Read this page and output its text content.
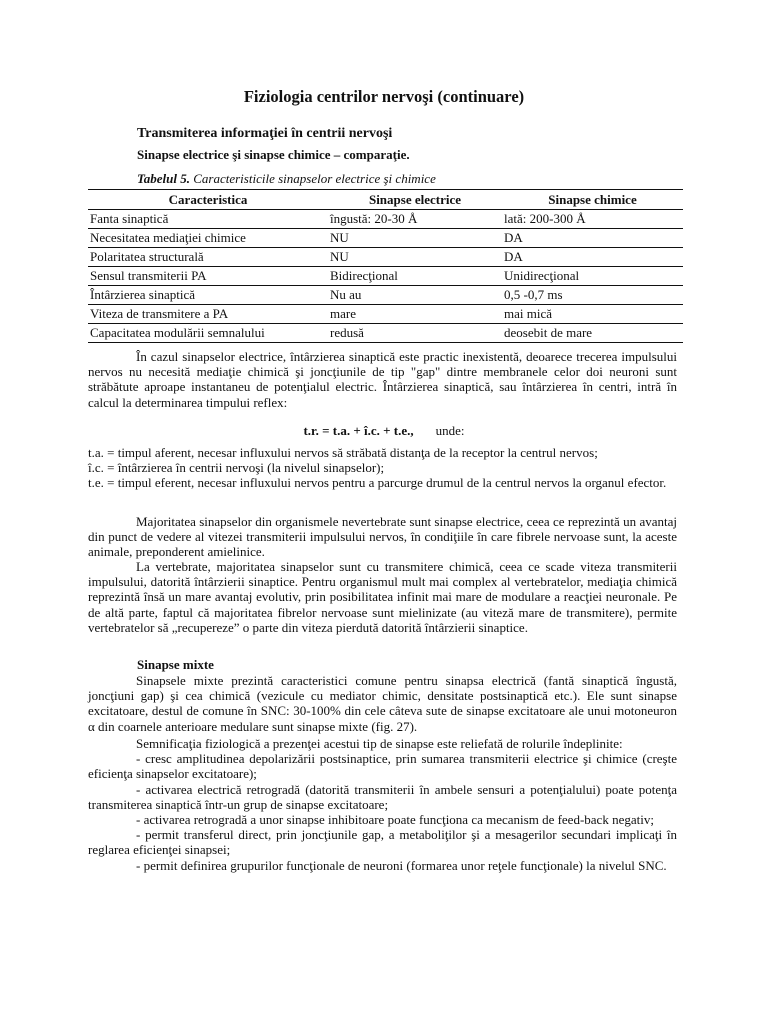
Fiziologia centrilor nervoşi (continuare)
Transmiterea informaţiei în centrii nervoşi
Sinapse electrice şi sinapse chimice – comparaţie.
Tabelul 5. Caracteristicile sinapselor electrice şi chimice
Caracteristica	Sinapse electrice	Sinapse chimice
Fanta sinaptică	îngustă: 20-30 Å	lată: 200-300 Å
Necesitatea mediaţiei chimice	NU	DA
Polaritatea structurală	NU	DA
Sensul transmiterii PA	Bidirecţional	Unidirecţional
Întârzierea sinaptică	Nu au	0,5 -0,7 ms
Viteza de transmitere a PA	mare	mai mică
Capacitatea modulării semnalului	redusă	deosebit de mare

În cazul sinapselor electrice, întârzierea sinaptică este practic inexistentă, deoarece trecerea impulsului nervos nu necesită mediaţie chimică şi joncţiunile de tip "gap" dintre membranele celor doi neuroni sunt străbătute aproape instantaneu de potenţialul electric. Întârzierea sinaptică, sau întârzierea în centri, intră în calcul la determinarea timpului reflex:

t.r. = t.a. + î.c. + t.e., unde:

t.a. = timpul aferent, necesar influxului nervos să străbată distanţa de la receptor la centrul nervos;

î.c. = întârzierea în centrii nervoşi (la nivelul sinapselor);

t.e. = timpul eferent, necesar influxului nervos pentru a parcurge drumul de la centrul nervos la organul efector.

Majoritatea sinapselor din organismele nevertebrate sunt sinapse electrice, ceea ce reprezintă un avantaj din punct de vedere al vitezei transmiterii impulsului nervos, în condiţiile în care fibrele nervoase sunt, la aceste animale, preponderent amielinice.

La vertebrate, majoritatea sinapselor sunt cu transmitere chimică, ceea ce scade viteza transmiterii impulsului, datorită întârzierii sinaptice. Pentru organismul mult mai complex al vertebratelor, mediaţia chimică reprezintă însă un mare avantaj evolutiv, prin posibilitatea infinit mai mare de modulare a reacţiei neuronale. Pe de altă parte, faptul că majoritatea fibrelor nervoase sunt mielinizate (au viteză mare de transmitere), permite vertebratelor să „recupereze” o parte din viteza pierdută datorită întârzierii sinaptice.

Sinapse mixte

Sinapsele mixte prezintă caracteristici comune pentru sinapsa electrică (fantă sinaptică îngustă, joncţiuni gap) şi cea chimică (vezicule cu mediator chimic, densitate postsinaptică etc.). Ele sunt sinapse excitatoare, destul de comune în SNC: 30-100% din cele câteva sute de sinapse excitatoare ale unui motoneuron α din coarnele anterioare medulare sunt sinapse mixte (fig. 27).

Semnificaţia fiziologică a prezenţei acestui tip de sinapse este reliefată de rolurile îndeplinite:

- cresc amplitudinea depolarizării postsinaptice, prin sumarea transmiterii electrice şi chimice (creşte eficienţa sinapselor excitatoare);

- activarea electrică retrogradă (datorită transmiterii în ambele sensuri a potenţialului) poate potenţa transmiterea sinaptică într-un grup de sinapse excitatoare;

- activarea retrogradă a unor sinapse inhibitoare poate funcţiona ca mecanism de feed-back negativ;

- permit transferul direct, prin joncţiunile gap, a metaboliţilor şi a mesagerilor secundari implicaţi în reglarea eficienţei sinapsei;

- permit definirea grupurilor funcţionale de neuroni (formarea unor reţele funcţionale) la nivelul SNC.
